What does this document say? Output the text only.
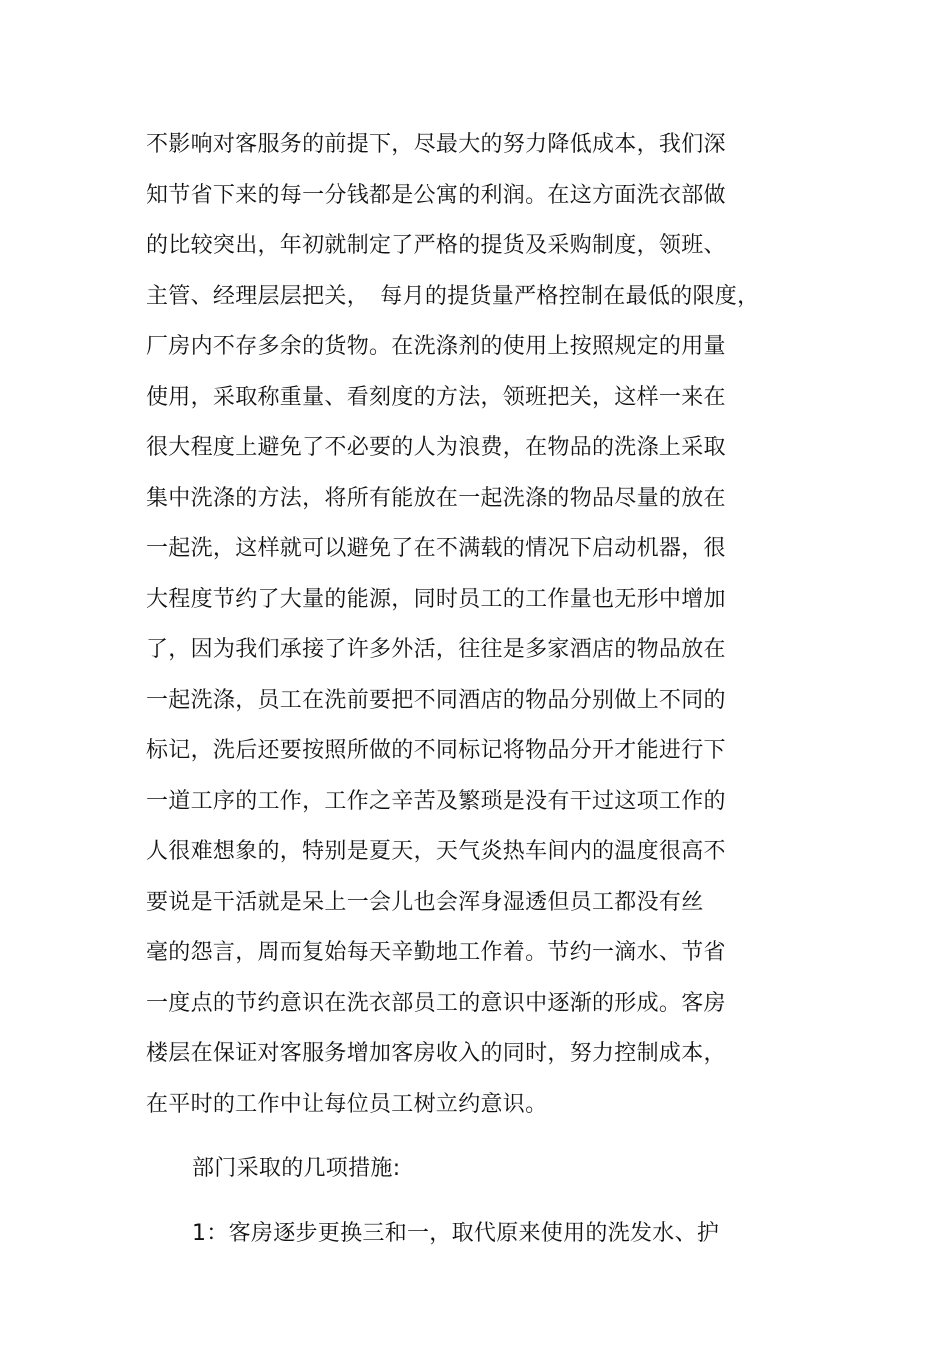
不影响对客服务的前提下，尽最大的努力降低成本，我们深
知节省下来的每一分钱都是公寓的利润。在这方面洗衣部做
的比较突出，年初就制定了严格的提货及采购制度，领班、
主管、经理层层把关，　每月的提货量严格控制在最低的限度，
厂房内不存多余的货物。在洗涤剂的使用上按照规定的用量
使用，采取称重量、看刻度的方法，领班把关，这样一来在
很大程度上避免了不必要的人为浪费，在物品的洗涤上采取
集中洗涤的方法，将所有能放在一起洗涤的物品尽量的放在
一起洗，这样就可以避免了在不满载的情况下启动机器，很
大程度节约了大量的能源，同时员工的工作量也无形中增加
了，因为我们承接了许多外活，往往是多家酒店的物品放在
一起洗涤，员工在洗前要把不同酒店的物品分别做上不同的
标记，洗后还要按照所做的不同标记将物品分开才能进行下
一道工序的工作，工作之辛苦及繁琐是没有干过这项工作的
人很难想象的，特别是夏天，天气炎热车间内的温度很高不
要说是干活就是呆上一会儿也会浑身湿透但员工都没有丝
毫的怨言，周而复始每天辛勤地工作着。节约一滴水、节省
一度点的节约意识在洗衣部员工的意识中逐渐的形成。客房
楼层在保证对客服务增加客房收入的同时，努力控制成本，
在平时的工作中让每位员工树立约意识。
部门采取的几项措施:
1：客房逐步更换三和一，取代原来使用的洗发水、护
